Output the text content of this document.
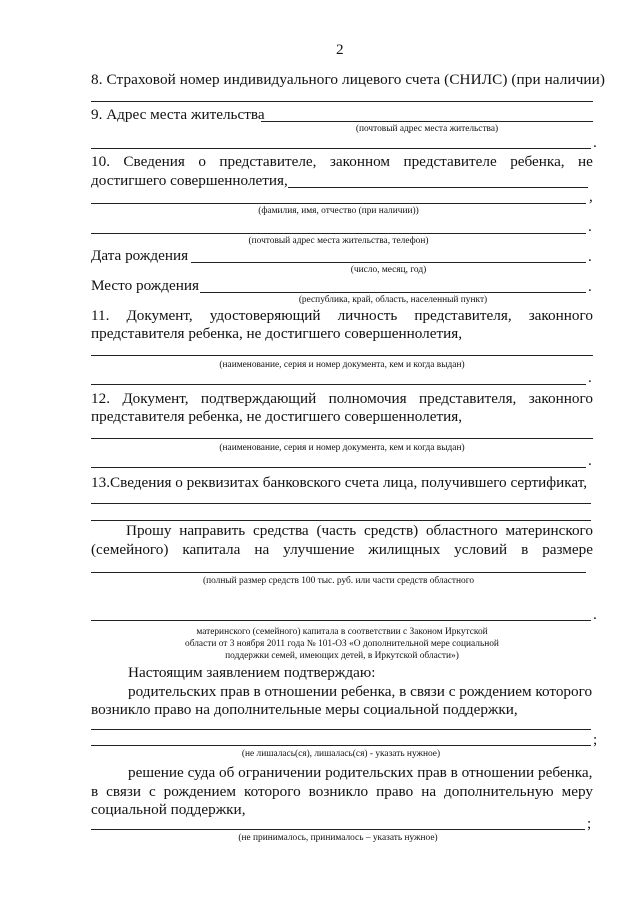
2
8. Страховой номер индивидуального лицевого счета (СНИЛС) (при наличии)
9. Адрес места жительства
(почтовый адрес места жительства)
.
10. Сведения о представителе, законном представителе ребенка, не
достигшего совершеннолетия,
,
(фамилия, имя, отчество (при наличии))
.
(почтовый адрес места жительства, телефон)
Дата рождения	.
(число, месяц, год)
Место рождения	.
(республика, край, область, населенный пункт)
11. Документ, удостоверяющий личность представителя, законного
представителя ребенка, не достигшего совершеннолетия,
(наименование, серия и номер документа, кем и когда выдан)
.
12. Документ, подтверждающий полномочия представителя, законного
представителя ребенка, не достигшего совершеннолетия,
(наименование, серия и номер документа, кем и когда выдан)
.
13.Сведения о реквизитах банковского счета лица, получившего сертификат,
Прошу направить средства (часть средств) областного материнского
(семейного) капитала на улучшение жилищных условий в размере
(полный размер средств 100 тыс. руб. или части средств областного
.
материнского (семейного) капитала в соответствии с Законом Иркутской
области от 3 ноября 2011 года № 101-ОЗ «О дополнительной мере социальной
поддержки семей, имеющих детей, в Иркутской области»)
Настоящим заявлением подтверждаю:
родительских прав в отношении ребенка, в связи с рождением которого
возникло право на дополнительные меры социальной поддержки,
;
(не лишалась(ся), лишалась(ся) - указать нужное)
решение суда об ограничении родительских прав в отношении ребенка,
в связи с рождением которого возникло право на дополнительную меру
социальной поддержки,
;
(не принималось, принималось – указать нужное)
